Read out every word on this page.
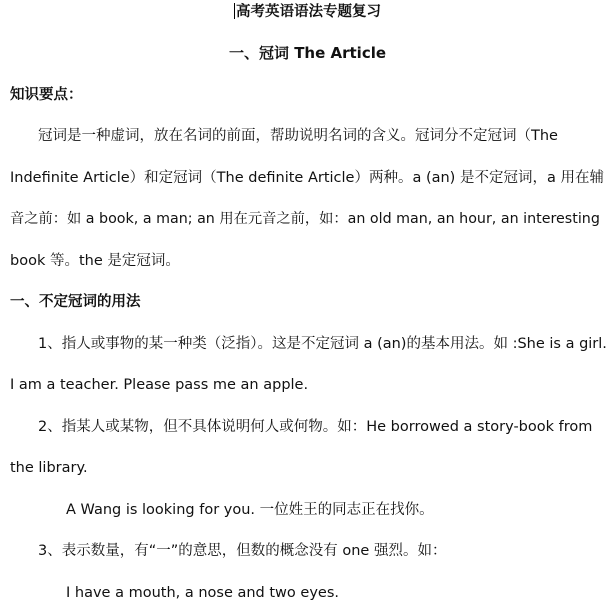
高考英语语法专题复习
一、冠词 The Article
知识要点：
冠词是一种虚词，放在名词的前面，帮助说明名词的含义。冠词分不定冠词（The
Indefinite Article）和定冠词（The definite Article）两种。a (an) 是不定冠词，a 用在辅
音之前：如 a book, a man; an 用在元音之前，如：an old man, an hour, an interesting
book 等。the 是定冠词。
一、不定冠词的用法
1、指人或事物的某一种类（泛指）。这是不定冠词 a (an)的基本用法。如 :She is a girl.
I am a teacher. Please pass me an apple.
2、指某人或某物，但不具体说明何人或何物。如：He borrowed a story-book from
the library.
A Wang is looking for you. 一位姓王的同志正在找你。
3、表示数量，有“一”的意思，但数的概念没有 one 强烈。如：
I have a mouth, a nose and two eyes.
